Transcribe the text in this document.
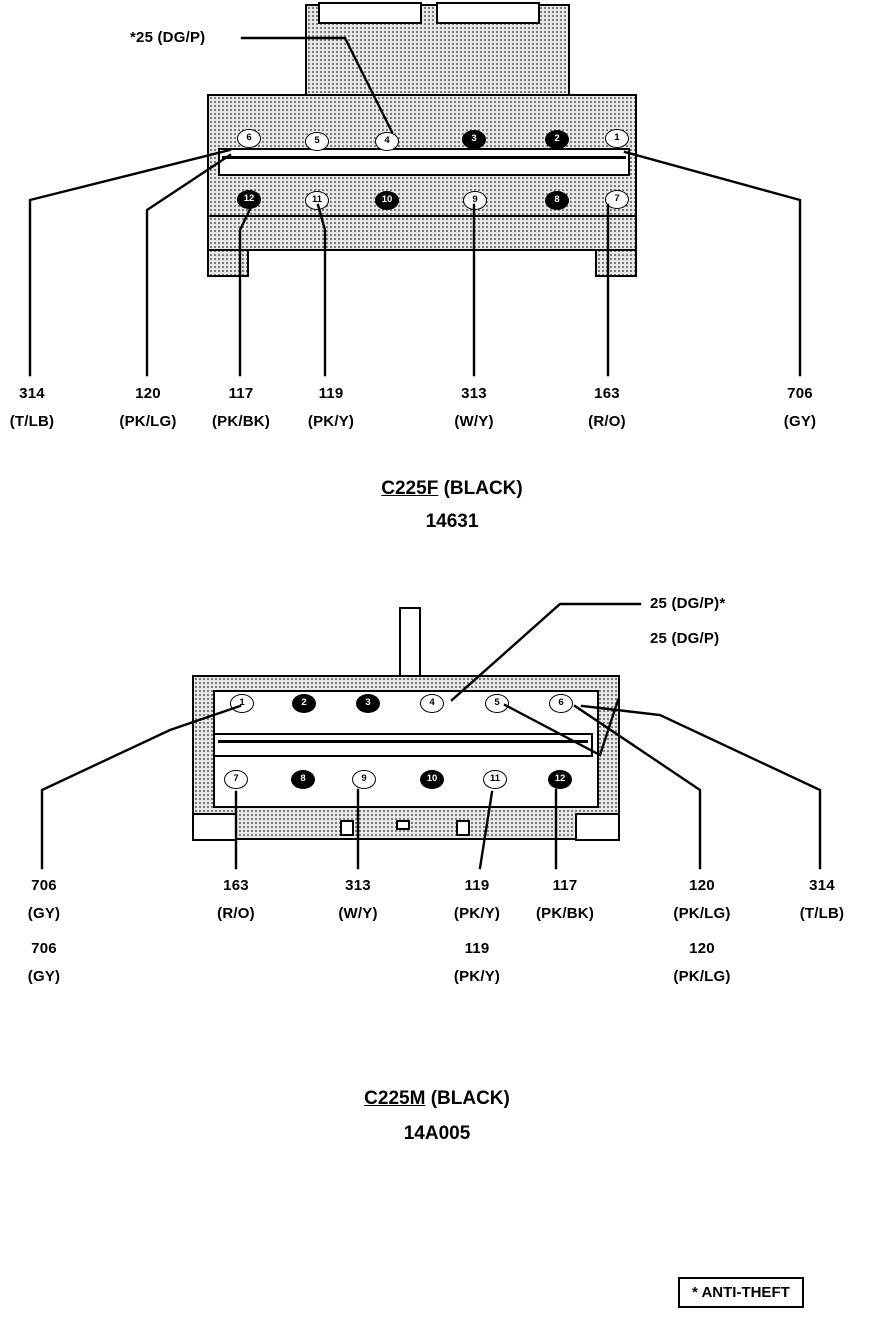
6	5	4	3	2	1
12	11	10	9	8	7
1	2	3	4	5	6
7	8	9	10	11	12
*25 (DG/P)
314
(T/LB)
120
(PK/LG)
117
(PK/BK)
119
(PK/Y)
313
(W/Y)
163
(R/O)
706
(GY)
C225F (BLACK)
14631
25 (DG/P)*
25 (DG/P)
706
(GY)
706
(GY)
163
(R/O)
313
(W/Y)
119
(PK/Y)
119
(PK/Y)
117
(PK/BK)
120
(PK/LG)
120
(PK/LG)
314
(T/LB)
C225M (BLACK)
14A005
* ANTI-THEFT
